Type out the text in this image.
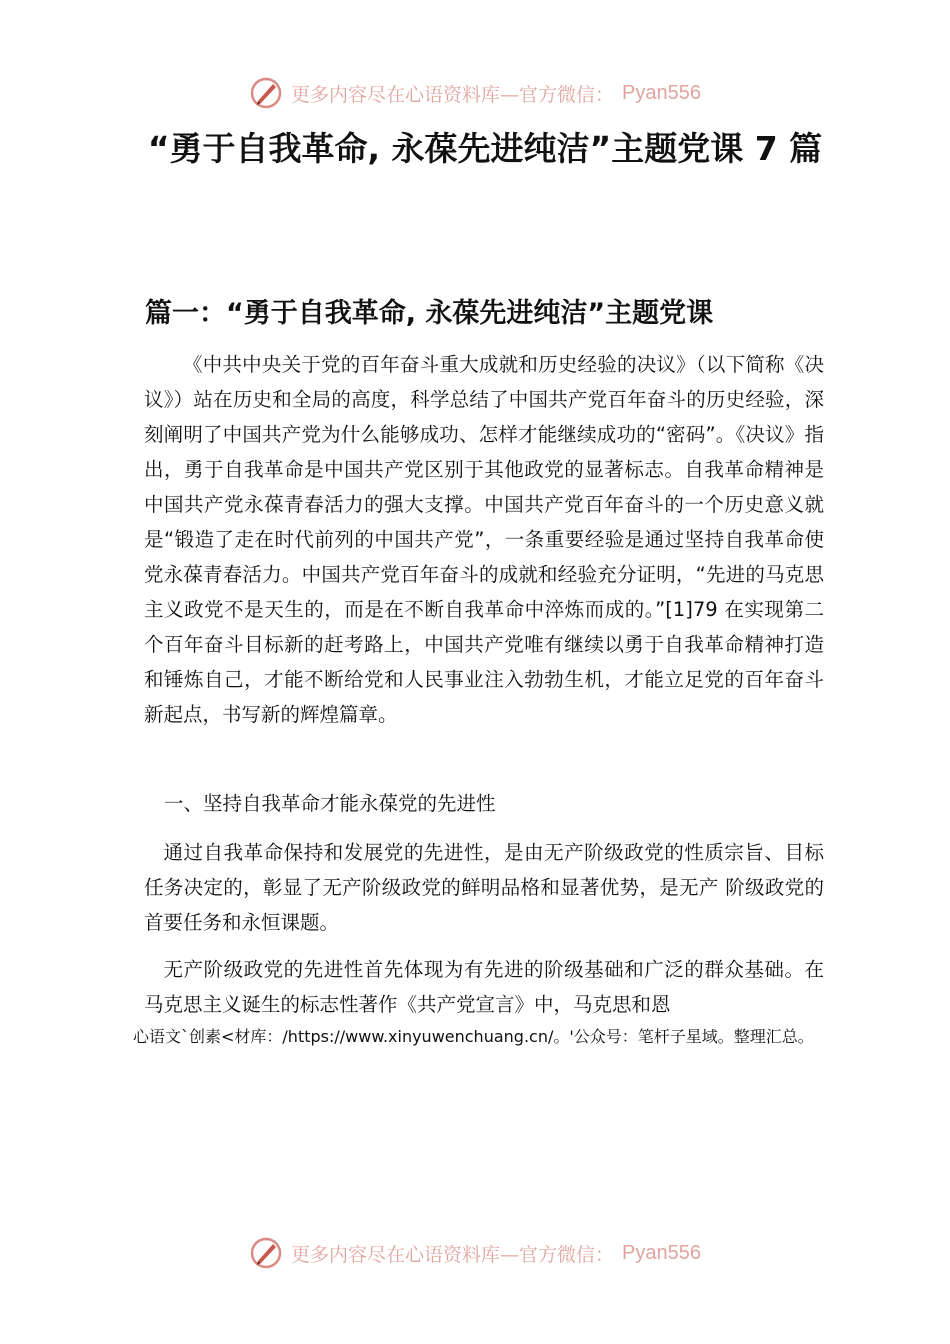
更多内容尽在心语资料库—官方微信： Pyan556
“勇于自我革命, 永葆先进纯洁”主题党课 7 篇
篇一：“勇于自我革命, 永葆先进纯洁”主题党课

《中共中央关于党的百年奋斗重大成就和历史经验的决议》（以下简称《决议》）站在历史和全局的高度，科学总结了中国共产党百年奋斗的历史经验，深刻阐明了中国共产党为什么能够成功、怎样才能继续成功的“密码”。《决议》指出，勇于自我革命是中国共产党区别于其他政党的显著标志。自我革命精神是中国共产党永葆青春活力的强大支撑。中国共产党百年奋斗的一个历史意义就是“锻造了走在时代前列的中国共产党”，一条重要经验是通过坚持自我革命使党永葆青春活力。中国共产党百年奋斗的成就和经验充分证明，“先进的马克思主义政党不是天生的，而是在不断自我革命中淬炼而成的。”[1]79 在实现第二个百年奋斗目标新的赶考路上，中国共产党唯有继续以勇于自我革命精神打造和锤炼自己，才能不断给党和人民事业注入勃勃生机，才能立足党的百年奋斗新起点，书写新的辉煌篇章。

一、坚持自我革命才能永葆党的先进性

通过自我革命保持和发展党的先进性，是由无产阶级政党的性质宗旨、目标任务决定的，彰显了无产阶级政党的鲜明品格和显著优势，是无产 阶级政党的首要任务和永恒课题。

无产阶级政党的先进性首先体现为有先进的阶级基础和广泛的群众基础。在马克思主义诞生的标志性著作《共产党宣言》中，马克思和恩

心语文`创素<材库：/https://www.xinyuwenchuang.cn/。'公众号：笔杆子星域。整理汇总。

更多内容尽在心语资料库—官方微信： Pyan556
